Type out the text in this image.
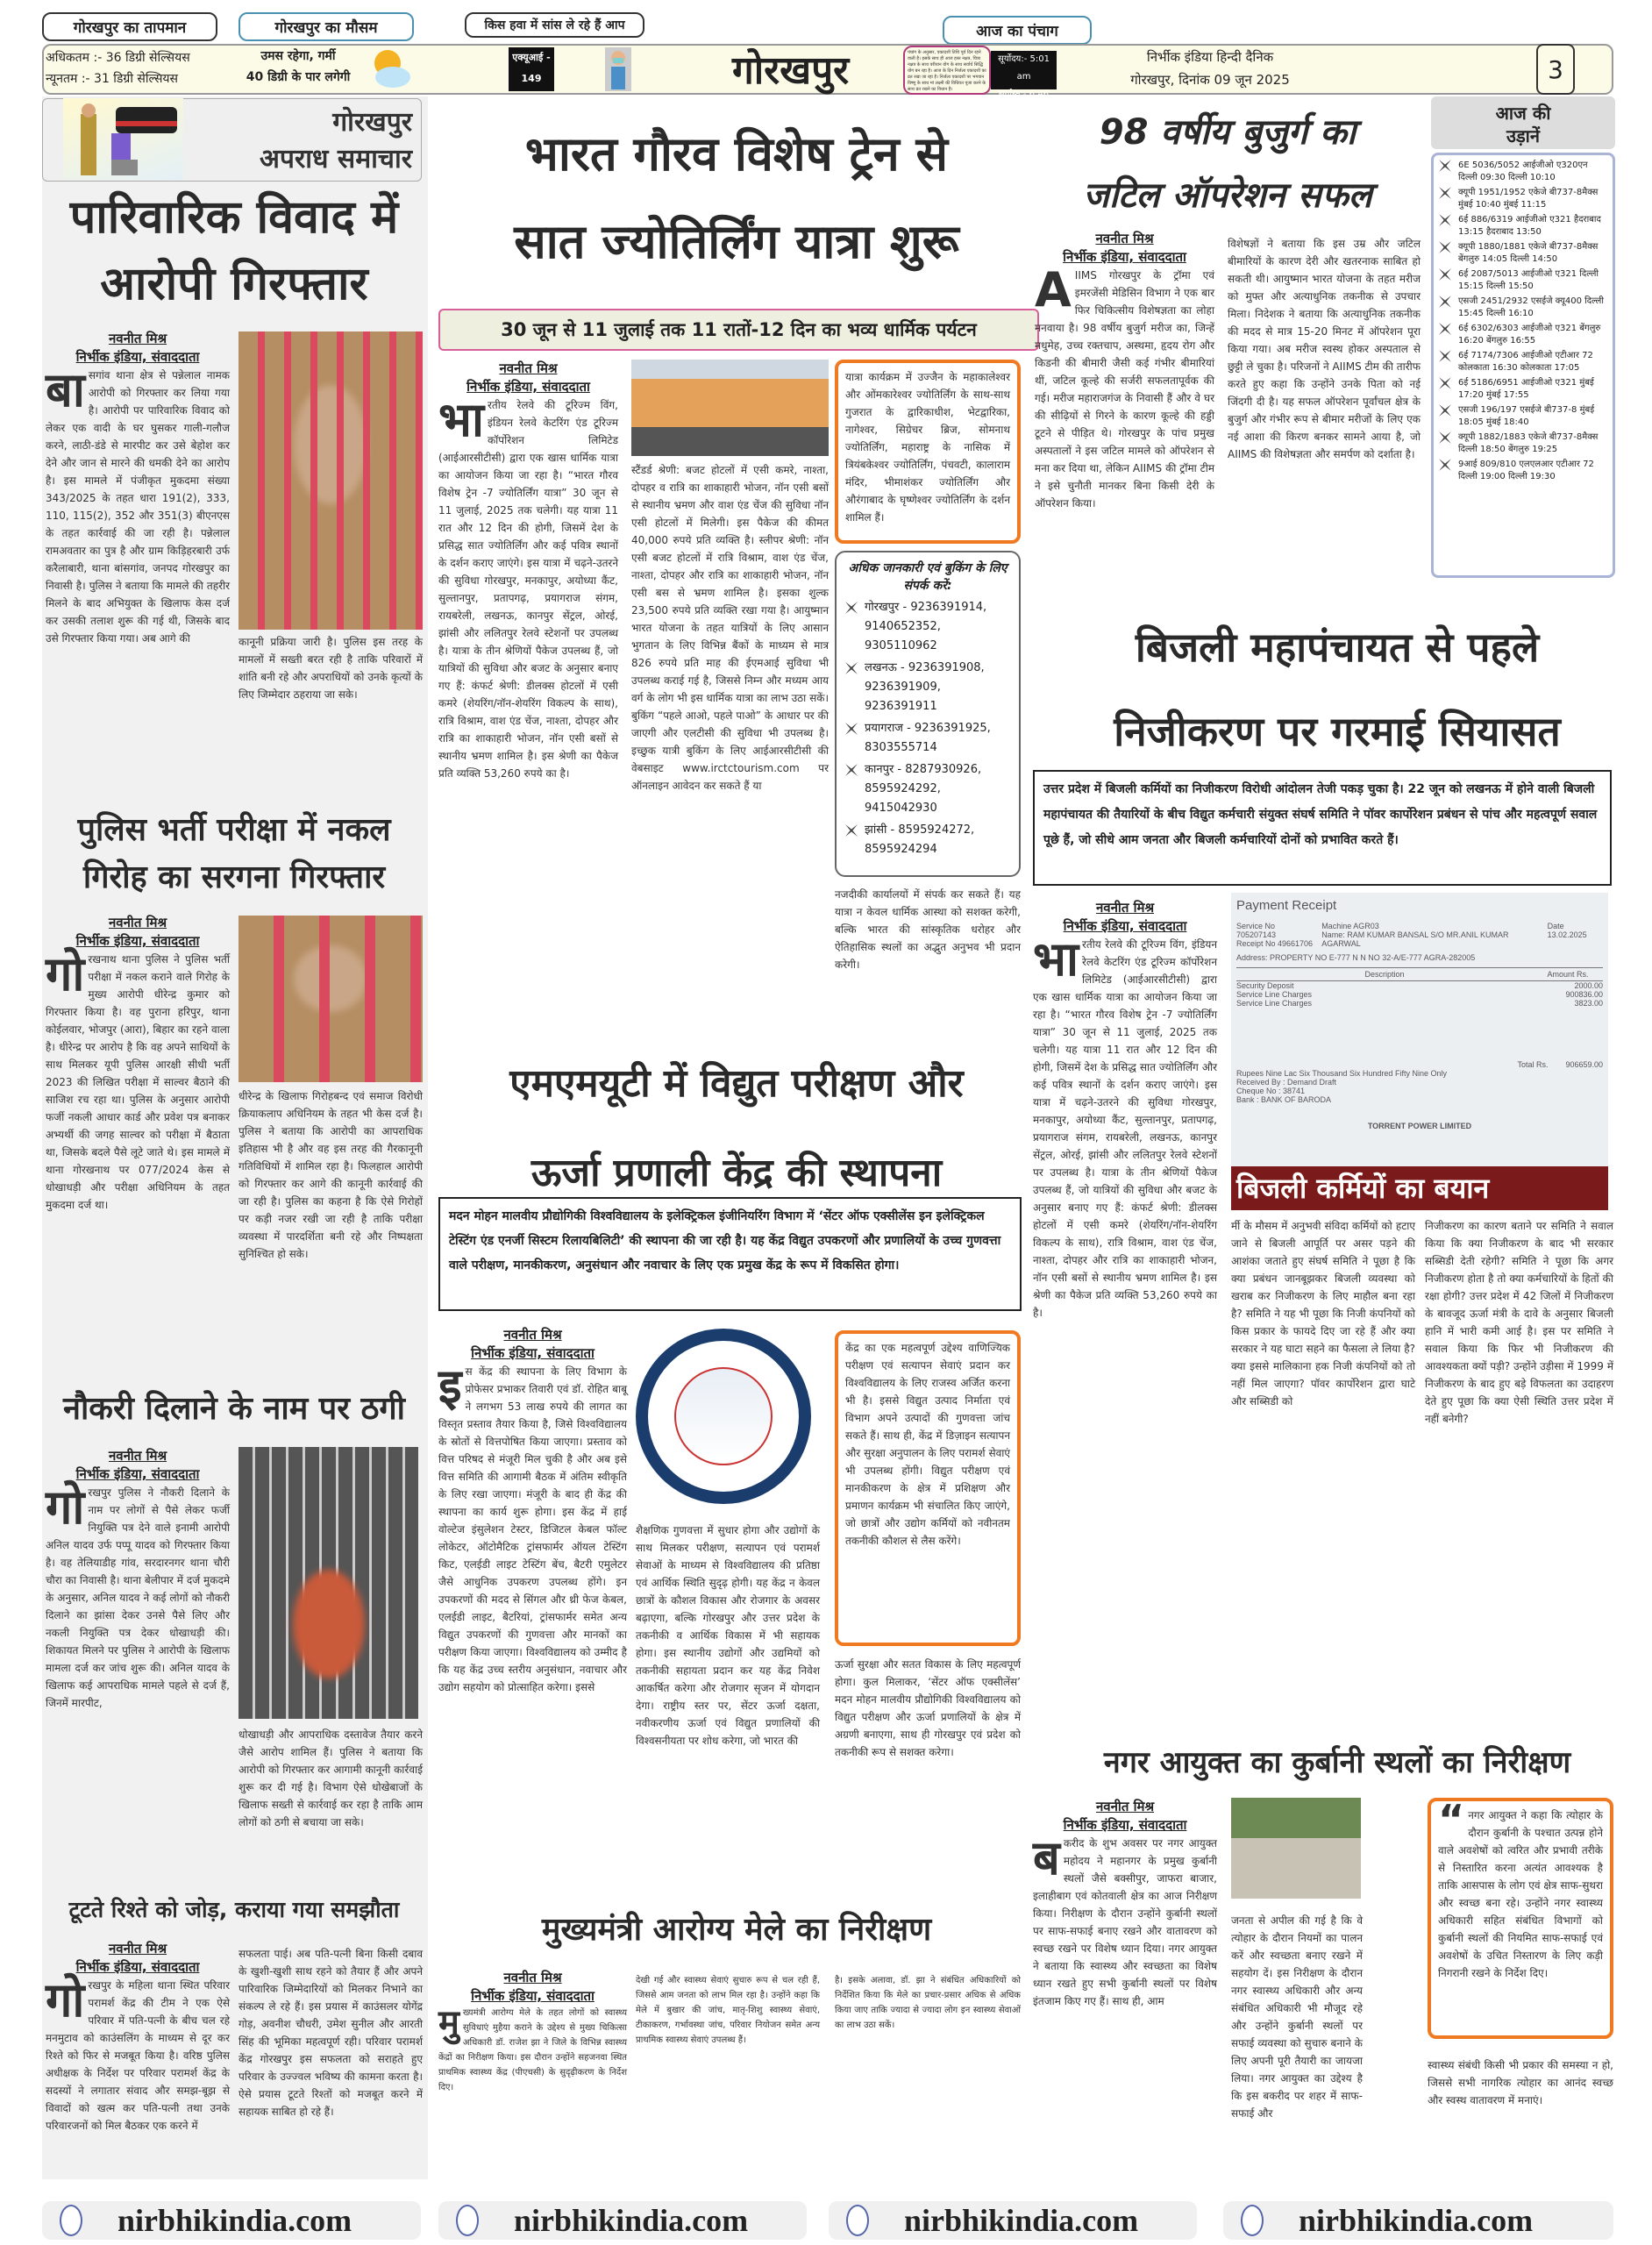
गोरखपुर का तापमान	गोरखपुर का मौसम	किस हवा में सांस ले रहे हैं आप	आज का पंचाग
अधिकतम :- 36 डिग्री सेल्सियस
न्यूनतम :- 31 डिग्री सेल्सियस
उमस रहेगा, गर्मी
40 डिग्री के पार लगेगी
एक्यूआई - 149
(खराब)
गोरखपुर	पंचांग के अनुसार, एकादशी तिथि पूर्व दिन रहने वाली है। इसके साथ ही आज हस्त नक्षत्र, चित्रा नक्षत्र के साथ वरीयान योग के साथ सर्वार्थ सिद्धि योग बन रहा है। आज के दिन निर्जला एकादशी का व्रत रखा जा रहा है। निर्जला एकादशी पर भगवान विष्णु के साथ मां लक्ष्मी की विधिवत पूजा करने के साथ व्रत रखने का विधान है।
सूर्योदय:- 5:01 am
सूर्यास्त:- 6:46 pm
निर्भीक इंडिया हिन्दी दैनिक
गोरखपुर, दिनांक 09 जून 2025	3
गोरखपुर
अपराध समाचार
पारिवारिक विवाद में आरोपी गिरफ्तार
नवनीत मिश्र
निर्भीक इंडिया, संवाददाता
बासगांव थाना क्षेत्र से पन्नेलाल नामक आरोपी को गिरफ्तार कर लिया गया है। आरोपी पर पारिवारिक विवाद को लेकर एक वादी के घर घुसकर गाली-गलौज करने, लाठी-डंडे से मारपीट कर उसे बेहोश कर देने और जान से मारने की धमकी देने का आरोप है। इस मामले में पंजीकृत मुकदमा संख्या 343/2025 के तहत धारा 191(2), 333, 110, 115(2), 352 और 351(3) बीएनएस के तहत कार्रवाई की जा रही है। पन्नेलाल रामअवतार का पुत्र है और ग्राम किड़िहरबारी उर्फ करैलाबारी, थाना बांसगांव, जनपद गोरखपुर का निवासी है। पुलिस ने बताया कि मामले की तहरीर मिलने के बाद अभियुक्त के खिलाफ केस दर्ज कर उसकी तलाश शुरू की गई थी, जिसके बाद उसे गिरफ्तार किया गया। अब आगे की	कानूनी प्रक्रिया जारी है। पुलिस इस तरह के मामलों में सख्ती बरत रही है ताकि परिवारों में शांति बनी रहे और अपराधियों को उनके कृत्यों के लिए जिम्मेदार ठहराया जा सके।
पुलिस भर्ती परीक्षा में नकल गिरोह का सरगना गिरफ्तार
नवनीत मिश्र
निर्भीक इंडिया, संवाददाता
गोरखनाथ थाना पुलिस ने पुलिस भर्ती परीक्षा में नकल कराने वाले गिरोह के मुख्य आरोपी धीरेन्द्र कुमार को गिरफ्तार किया है। वह पुराना हरिपुर, थाना कोईलवार, भोजपुर (आरा), बिहार का रहने वाला है। धीरेन्द्र पर आरोप है कि वह अपने साथियों के साथ मिलकर यूपी पुलिस आरक्षी सीधी भर्ती 2023 की लिखित परीक्षा में साल्वर बैठाने की साजिश रच रहा था। पुलिस के अनुसार आरोपी फर्जी नकली आधार कार्ड और प्रवेश पत्र बनाकर अभ्यर्थी की जगह साल्वर को परीक्षा में बैठाता था, जिसके बदले पैसे लूटे जाते थे। इस मामले में थाना गोरखनाथ पर 077/2024 केस से धोखाधड़ी और परीक्षा अधिनियम के तहत मुकदमा दर्ज था।
धीरेन्द्र के खिलाफ गिरोहबन्द एवं समाज विरोधी क्रियाकलाप अधिनियम के तहत भी केस दर्ज है। पुलिस ने बताया कि आरोपी का आपराधिक इतिहास भी है और वह इस तरह की गैरकानूनी गतिविधियों में शामिल रहा है। फिलहाल आरोपी को गिरफ्तार कर आगे की कानूनी कार्रवाई की जा रही है। पुलिस का कहना है कि ऐसे गिरोहों पर कड़ी नजर रखी जा रही है ताकि परीक्षा व्यवस्था में पारदर्शिता बनी रहे और निष्पक्षता सुनिश्चित हो सके।
नौकरी दिलाने के नाम पर ठगी
नवनीत मिश्र
निर्भीक इंडिया, संवाददाता
गोरखपुर पुलिस ने नौकरी दिलाने के नाम पर लोगों से पैसे लेकर फर्जी नियुक्ति पत्र देने वाले इनामी आरोपी अनिल यादव उर्फ पप्पू यादव को गिरफ्तार किया है। वह तेलियाडीह गांव, सरदारनगर थाना चौरी चौरा का निवासी है। थाना बेलीपार में दर्ज मुकदमे के अनुसार, अनिल यादव ने कई लोगों को नौकरी दिलाने का झांसा देकर उनसे पैसे लिए और नकली नियुक्ति पत्र देकर धोखाधड़ी की। शिकायत मिलने पर पुलिस ने आरोपी के खिलाफ मामला दर्ज कर जांच शुरू की। अनिल यादव के खिलाफ कई आपराधिक मामले पहले से दर्ज हैं, जिनमें मारपीट,
धोखाधड़ी और आपराधिक दस्तावेज तैयार करने जैसे आरोप शामिल हैं। पुलिस ने बताया कि आरोपी को गिरफ्तार कर आगामी कानूनी कार्रवाई शुरू कर दी गई है। विभाग ऐसे धोखेबाजों के खिलाफ सख्ती से कार्रवाई कर रहा है ताकि आम लोगों को ठगी से बचाया जा सके।
टूटते रिश्ते को जोड़, कराया गया समझौता
नवनीत मिश्र
निर्भीक इंडिया, संवाददाता
गोरखपुर के महिला थाना स्थित परिवार परामर्श केंद्र की टीम ने एक ऐसे परिवार में पति-पत्नी के बीच चल रहे मनमुटाव को काउंसलिंग के माध्यम से दूर कर रिश्ते को फिर से मजबूत किया है। वरिष्ठ पुलिस अधीक्षक के निर्देश पर परिवार परामर्श केंद्र के सदस्यों ने लगातार संवाद और समझ-बूझ से विवादों को खत्म कर पति-पत्नी तथा उनके परिवारजनों को मिल बैठकर एक करने में
सफलता पाई। अब पति-पत्नी बिना किसी दबाव के खुशी-खुशी साथ रहने को तैयार हैं और अपने पारिवारिक जिम्मेदारियों को मिलकर निभाने का संकल्प ले रहे हैं। इस प्रयास में काउंसलर योगेंद्र गोड़, अवनीश चौधरी, उमेश सुनील और आरती सिंह की भूमिका महत्वपूर्ण रही। परिवार परामर्श केंद्र गोरखपुर इस सफलता को सराहते हुए परिवार के उज्ज्वल भविष्य की कामना करता है। ऐसे प्रयास टूटते रिश्तों को मजबूत करने में सहायक साबित हो रहे हैं।
भारत गौरव विशेष ट्रेन से
सात ज्योतिर्लिंग यात्रा शुरू
30 जून से 11 जुलाई तक 11 रातों-12 दिन का भव्य धार्मिक पर्यटन
नवनीत मिश्र
निर्भीक इंडिया, संवाददाता
भारतीय रेलवे की टूरिज्म विंग, इंडियन रेलवे केटरिंग एंड टूरिज्म कॉर्पोरेशन लिमिटेड (आईआरसीटीसी) द्वारा एक खास धार्मिक यात्रा का आयोजन किया जा रहा है। “भारत गौरव विशेष ट्रेन -7 ज्योतिर्लिंग यात्रा” 30 जून से 11 जुलाई, 2025 तक चलेगी। यह यात्रा 11 रात और 12 दिन की होगी, जिसमें देश के प्रसिद्ध सात ज्योतिर्लिंग और कई पवित्र स्थानों के दर्शन कराए जाएंगे। इस यात्रा में चढ़ने-उतरने की सुविधा गोरखपुर, मनकापुर, अयोध्या कैंट, सुल्तानपुर, प्रतापगढ़, प्रयागराज संगम, रायबरेली, लखनऊ, कानपुर सेंट्रल, ओरई, झांसी और ललितपुर रेलवे स्टेशनों पर उपलब्ध है। यात्रा के तीन श्रेणियों पैकेज उपलब्ध हैं, जो यात्रियों की सुविधा और बजट के अनुसार बनाए गए हैं: कंफर्ट श्रेणी: डीलक्स होटलों में एसी कमरे (शेयरिंग/नॉन-शेयरिंग विकल्प के साथ), रात्रि विश्राम, वाश एंड चेंज, नाश्ता, दोपहर और रात्रि का शाकाहारी भोजन, नॉन एसी बसों से स्थानीय भ्रमण शामिल है। इस श्रेणी का पैकेज प्रति व्यक्ति 53,260 रुपये का है।
स्टैंडर्ड श्रेणी: बजट होटलों में एसी कमरे, नाश्ता, दोपहर व रात्रि का शाकाहारी भोजन, नॉन एसी बसों से स्थानीय भ्रमण और वाश एंड चेंज की सुविधा नॉन एसी होटलों में मिलेगी। इस पैकेज की कीमत 40,000 रुपये प्रति व्यक्ति है। स्लीपर श्रेणी: नॉन एसी बजट होटलों में रात्रि विश्राम, वाश एंड चेंज, नाश्ता, दोपहर और रात्रि का शाकाहारी भोजन, नॉन एसी बस से भ्रमण शामिल है। इसका शुल्क 23,500 रुपये प्रति व्यक्ति रखा गया है। आयुष्मान भारत योजना के तहत यात्रियों के लिए आसान भुगतान के लिए विभिन्न बैंकों के माध्यम से मात्र 826 रुपये प्रति माह की ईएमआई सुविधा भी उपलब्ध कराई गई है, जिससे निम्न और मध्यम आय वर्ग के लोग भी इस धार्मिक यात्रा का लाभ उठा सकें। बुकिंग “पहले आओ, पहले पाओ” के आधार पर की जाएगी और एलटीसी की सुविधा भी उपलब्ध है। इच्छुक यात्री बुकिंग के लिए आईआरसीटीसी की वेबसाइट www.irctctourism.com पर ऑनलाइन आवेदन कर सकते हैं या
यात्रा कार्यक्रम में उज्जैन के महाकालेश्वर और ओंमकारेश्वर ज्योतिर्लिंग के साथ-साथ गुजरात के द्वारिकाधीश, भेटद्वारिका, नागेश्वर, सिग्रेचर ब्रिज, सोमनाथ ज्योतिर्लिंग, महाराष्ट्र के नासिक में त्रियंबकेश्वर ज्योतिर्लिंग, पंचवटी, कालाराम मंदिर, भीमाशंकर ज्योतिर्लिंग और औरंगाबाद के घृष्णेश्वर ज्योतिर्लिंग के दर्शन शामिल हैं।
अधिक जानकारी एवं बुकिंग के लिए संपर्क करें:
गोरखपुर - 9236391914, 9140652352, 9305110962
लखनऊ - 9236391908, 9236391909, 9236391911
प्रयागराज - 9236391925, 8303555714
कानपुर - 8287930926, 8595924292, 9415042930
झांसी - 8595924272, 8595924294
नजदीकी कार्यालयों में संपर्क कर सकते हैं। यह यात्रा न केवल धार्मिक आस्था को सशक्त करेगी, बल्कि भारत की सांस्कृतिक धरोहर और ऐतिहासिक स्थलों का अद्भुत अनुभव भी प्रदान करेगी।
एमएमयूटी में विद्युत परीक्षण और
ऊर्जा प्रणाली केंद्र की स्थापना
मदन मोहन मालवीय प्रौद्योगिकी विश्वविद्यालय के इलेक्ट्रिकल इंजीनियरिंग विभाग में ‘सेंटर ऑफ एक्सीलेंस इन इलेक्ट्रिकल टेस्टिंग एंड एनर्जी सिस्टम रिलायबिलिटी’ की स्थापना की जा रही है। यह केंद्र विद्युत उपकरणों और प्रणालियों के उच्च गुणवत्ता वाले परीक्षण, मानकीकरण, अनुसंधान और नवाचार के लिए एक प्रमुख केंद्र के रूप में विकसित होगा।
नवनीत मिश्र
निर्भीक इंडिया, संवाददाता
इस केंद्र की स्थापना के लिए विभाग के प्रोफेसर प्रभाकर तिवारी एवं डॉ. रोहित बाबू ने लगभग 53 लाख रुपये की लागत का विस्तृत प्रस्ताव तैयार किया है, जिसे विश्वविद्यालय के स्रोतों से वित्तपोषित किया जाएगा। प्रस्ताव को वित्त परिषद से मंजूरी मिल चुकी है और अब इसे वित्त समिति की आगामी बैठक में अंतिम स्वीकृति के लिए रखा जाएगा। मंजूरी के बाद ही केंद्र की स्थापना का कार्य शुरू होगा। इस केंद्र में हाई वोल्टेज इंसुलेशन टेस्टर, डिजिटल केबल फॉल्ट लोकेटर, ऑटोमैटिक ट्रांसफार्मर ऑयल टेस्टिंग किट, एलईडी लाइट टेस्टिंग बेंच, बैटरी एमुलेटर जैसे आधुनिक उपकरण उपलब्ध होंगे। इन उपकरणों की मदद से सिंगल और थ्री फेज केबल, एलईडी लाइट, बैटरियां, ट्रांसफार्मर समेत अन्य विद्युत उपकरणों की गुणवत्ता और मानकों का परीक्षण किया जाएगा। विश्वविद्यालय को उम्मीद है कि यह केंद्र उच्च स्तरीय अनुसंधान, नवाचार और उद्योग सहयोग को प्रोत्साहित करेगा। इससे
शैक्षणिक गुणवत्ता में सुधार होगा और उद्योगों के साथ मिलकर परीक्षण, सत्यापन एवं परामर्श सेवाओं के माध्यम से विश्वविद्यालय की प्रतिष्ठा एवं आर्थिक स्थिति सुदृढ़ होगी। यह केंद्र न केवल छात्रों के कौशल विकास और रोजगार के अवसर बढ़ाएगा, बल्कि गोरखपुर और उत्तर प्रदेश के तकनीकी व आर्थिक विकास में भी सहायक होगा। इस स्थानीय उद्योगों और उद्यमियों को तकनीकी सहायता प्रदान कर यह केंद्र निवेश आकर्षित करेगा और रोजगार सृजन में योगदान देगा। राष्ट्रीय स्तर पर, सेंटर ऊर्जा दक्षता, नवीकरणीय ऊर्जा एवं विद्युत प्रणालियों की विश्वसनीयता पर शोध करेगा, जो भारत की
केंद्र का एक महत्वपूर्ण उद्देश्य वाणिज्यिक परीक्षण एवं सत्यापन सेवाएं प्रदान कर विश्वविद्यालय के लिए राजस्व अर्जित करना भी है। इससे विद्युत उत्पाद निर्माता एवं विभाग अपने उत्पादों की गुणवत्ता जांच सकते हैं। साथ ही, केंद्र में डिज़ाइन सत्यापन और सुरक्षा अनुपालन के लिए परामर्श सेवाएं भी उपलब्ध होंगी। विद्युत परीक्षण एवं मानकीकरण के क्षेत्र में प्रशिक्षण और प्रमाणन कार्यक्रम भी संचालित किए जाएंगे, जो छात्रों और उद्योग कर्मियों को नवीनतम तकनीकी कौशल से लैस करेंगे।
ऊर्जा सुरक्षा और सतत विकास के लिए महत्वपूर्ण होगा। कुल मिलाकर, ‘सेंटर ऑफ एक्सीलेंस’ मदन मोहन मालवीय प्रौद्योगिकी विश्वविद्यालय को विद्युत परीक्षण और ऊर्जा प्रणालियों के क्षेत्र में अग्रणी बनाएगा, साथ ही गोरखपुर एवं प्रदेश को तकनीकी रूप से सशक्त करेगा।
मुख्यमंत्री आरोग्य मेले का निरीक्षण
नवनीत मिश्र
निर्भीक इंडिया, संवाददाता
मुख्यमंत्री आरोग्य मेले के तहत लोगों को स्वास्थ्य सुविधाएं मुहैया कराने के उद्देश्य से मुख्य चिकित्सा अधिकारी डॉ. राजेश झा ने जिले के विभिन्न स्वास्थ्य केंद्रों का निरीक्षण किया। इस दौरान उन्होंने सहजनवा स्थित प्राथमिक स्वास्थ्य केंद्र (पीएचसी) के सुदृढ़ीकरण के निर्देश दिए।
देखी गई और स्वास्थ्य सेवाएं सुचारु रूप से चल रही हैं, जिससे आम जनता को लाभ मिल रहा है। उन्होंने कहा कि मेले में बुखार की जांच, मातृ-शिशु स्वास्थ्य सेवाएं, टीकाकरण, गर्भावस्था जांच, परिवार नियोजन समेत अन्य प्राथमिक स्वास्थ्य सेवाएं उपलब्ध हैं।
है। इसके अलावा, डॉ. झा ने संबंधित अधिकारियों को निर्देशित किया कि मेले का प्रचार-प्रसार अधिक से अधिक किया जाए ताकि ज्यादा से ज्यादा लोग इन स्वास्थ्य सेवाओं का लाभ उठा सकें।
98 वर्षीय बुजुर्ग का
जटिल ऑपरेशन सफल
नवनीत मिश्र
निर्भीक इंडिया, संवाददाता
AIIMS गोरखपुर के ट्रॉमा एवं इमरजेंसी मेडिसिन विभाग ने एक बार फिर चिकित्सीय विशेषज्ञता का लोहा मनवाया है। 98 वर्षीय बुजुर्ग मरीज का, जिन्हें मधुमेह, उच्च रक्तचाप, अस्थमा, हृदय रोग और किडनी की बीमारी जैसी कई गंभीर बीमारियां थीं, जटिल कूल्हे की सर्जरी सफलतापूर्वक की गई। मरीज महाराजगंज के निवासी हैं और वे घर की सीढ़ियों से गिरने के कारण कूल्हे की हड्डी टूटने से पीड़ित थे। गोरखपुर के पांच प्रमुख अस्पतालों ने इस जटिल मामले को ऑपरेशन से मना कर दिया था, लेकिन AIIMS की ट्रॉमा टीम ने इसे चुनौती मानकर बिना किसी देरी के ऑपरेशन किया।
विशेषज्ञों ने बताया कि इस उम्र और जटिल बीमारियों के कारण देरी और खतरनाक साबित हो सकती थी। आयुष्मान भारत योजना के तहत मरीज को मुफ्त और अत्याधुनिक तकनीक से उपचार मिला। निदेशक ने बताया कि अत्याधुनिक तकनीक की मदद से मात्र 15-20 मिनट में ऑपरेशन पूरा किया गया। अब मरीज स्वस्थ होकर अस्पताल से छुट्टी ले चुका है। परिजनों ने AIIMS टीम की तारीफ करते हुए कहा कि उन्होंने उनके पिता को नई जिंदगी दी है। यह सफल ऑपरेशन पूर्वांचल क्षेत्र के बुजुर्ग और गंभीर रूप से बीमार मरीजों के लिए एक नई आशा की किरण बनकर सामने आया है, जो AIIMS की विशेषज्ञता और समर्पण को दर्शाता है।
आज की
उड़ानें
6E 5036/5052 आईजीओ ए320एन दिल्ली 09:30 दिल्ली 10:10
क्यूपी 1951/1952 एकेजे बी737-8मैक्स मुंबई 10:40 मुंबई 11:15
6ई 886/6319 आईजीओ ए321 हैदराबाद 13:15 हैदराबाद 13:50
क्यूपी 1880/1881 एकेजे बी737-8मैक्स बेंगलुरु 14:05 दिल्ली 14:50
6ई 2087/5013 आईजीओ ए321 दिल्ली 15:15 दिल्ली 15:50
एसजी 2451/2932 एसईजे क्यू400 दिल्ली 15:45 दिल्ली 16:10
6ई 6302/6303 आईजीओ ए321 बेंगलुरु 16:20 बेंगलुरु 16:55
6ई 7174/7306 आईजीओ एटीआर 72 कोलकाता 16:30 कोलकाता 17:05
6ई 5186/6951 आईजीओ ए321 मुंबई 17:20 मुंबई 17:55
एसजी 196/197 एसईजे बी737-8 मुंबई 18:05 मुंबई 18:40
क्यूपी 1882/1883 एकेजे बी737-8मैक्स दिल्ली 18:50 बेंगलुरु 19:25
9आई 809/810 एलएलआर एटीआर 72 दिल्ली 19:00 दिल्ली 19:30
बिजली महापंचायत से पहले
निजीकरण पर गरमाई सियासत
उत्तर प्रदेश में बिजली कर्मियों का निजीकरण विरोधी आंदोलन तेजी पकड़ चुका है। 22 जून को लखनऊ में होने वाली बिजली महापंचायत की तैयारियों के बीच विद्युत कर्मचारी संयुक्त संघर्ष समिति ने पॉवर कार्पोरेशन प्रबंधन से पांच और महत्वपूर्ण सवाल पूछे हैं, जो सीधे आम जनता और बिजली कर्मचारियों दोनों को प्रभावित करते हैं।
नवनीत मिश्र
निर्भीक इंडिया, संवाददाता
भारतीय रेलवे की टूरिज्म विंग, इंडियन रेलवे केटरिंग एंड टूरिज्म कॉर्पोरेशन लिमिटेड (आईआरसीटीसी) द्वारा एक खास धार्मिक यात्रा का आयोजन किया जा रहा है। “भारत गौरव विशेष ट्रेन -7 ज्योतिर्लिंग यात्रा” 30 जून से 11 जुलाई, 2025 तक चलेगी। यह यात्रा 11 रात और 12 दिन की होगी, जिसमें देश के प्रसिद्ध सात ज्योतिर्लिंग और कई पवित्र स्थानों के दर्शन कराए जाएंगे। इस यात्रा में चढ़ने-उतरने की सुविधा गोरखपुर, मनकापुर, अयोध्या कैंट, सुल्तानपुर, प्रतापगढ़, प्रयागराज संगम, रायबरेली, लखनऊ, कानपुर सेंट्रल, ओरई, झांसी और ललितपुर रेलवे स्टेशनों पर उपलब्ध है। यात्रा के तीन श्रेणियों पैकेज उपलब्ध हैं, जो यात्रियों की सुविधा और बजट के अनुसार बनाए गए हैं: कंफर्ट श्रेणी: डीलक्स होटलों में एसी कमरे (शेयरिंग/नॉन-शेयरिंग विकल्प के साथ), रात्रि विश्राम, वाश एंड चेंज, नाश्ता, दोपहर और रात्रि का शाकाहारी भोजन, नॉन एसी बसों से स्थानीय भ्रमण शामिल है। इस श्रेणी का पैकेज प्रति व्यक्ति 53,260 रुपये का है।
Payment Receipt
Service No 705207143
Receipt No 49661706
Machine AGR03
Name: RAM KUMAR BANSAL S/O MR.ANIL KUMAR AGARWAL
Date 13.02.2025
Address: PROPERTY NO E-777 N N NO 32-A/E-777 AGRA-282005
Description	Amount Rs.
Security Deposit	2000.00
Service Line Charges	900836.00
Service Line Charges	3823.00
Total Rs. 906659.00
Rupees Nine Lac Six Thousand Six Hundred Fifty Nine Only
Received By : Demand Draft
Cheque No : 38741
Bank : BANK OF BARODA
TORRENT POWER LIMITED
बिजली कर्मियों का बयान
र्मी के मौसम में अनुभवी संविदा कर्मियों को हटाए जाने से बिजली आपूर्ति पर असर पड़ने की आशंका जताते हुए संघर्ष समिति ने पूछा है कि क्या प्रबंधन जानबूझकर बिजली व्यवस्था को खराब कर निजीकरण के लिए माहौल बना रहा है? समिति ने यह भी पूछा कि निजी कंपनियों को किस प्रकार के फायदे दिए जा रहे हैं और क्या सरकार ने यह घाटा सहने का फैसला ले लिया है? क्या इससे मालिकाना हक निजी कंपनियों को तो नहीं मिल जाएगा? पॉवर कार्पोरेशन द्वारा घाटे और सब्सिडी को
निजीकरण का कारण बताने पर समिति ने सवाल किया कि क्या निजीकरण के बाद भी सरकार सब्सिडी देती रहेगी? समिति ने पूछा कि अगर निजीकरण होता है तो क्या कर्मचारियों के हितों की रक्षा होगी? उत्तर प्रदेश में 42 जिलों में निजीकरण के बावजूद ऊर्जा मंत्री के दावे के अनुसार बिजली हानि में भारी कमी आई है। इस पर समिति ने सवाल किया कि फिर भी निजीकरण की आवश्यकता क्यों पड़ी? उन्होंने उड़ीसा में 1999 में निजीकरण के बाद हुए बड़े विफलता का उदाहरण देते हुए पूछा कि क्या ऐसी स्थिति उत्तर प्रदेश में नहीं बनेगी?
नगर आयुक्त का कुर्बानी स्थलों का निरीक्षण
नवनीत मिश्र
निर्भीक इंडिया, संवाददाता
बकरीद के शुभ अवसर पर नगर आयुक्त महोदय ने महानगर के प्रमुख कुर्बानी स्थलों जैसे बक्सीपुर, जाफरा बाजार, इलाहीबाग एवं कोतवाली क्षेत्र का आज निरीक्षण किया। निरीक्षण के दौरान उन्होंने कुर्बानी स्थलों पर साफ-सफाई बनाए रखने और वातावरण को स्वच्छ रखने पर विशेष ध्यान दिया। नगर आयुक्त ने बताया कि स्वास्थ्य और स्वच्छता का विशेष ध्यान रखते हुए सभी कुर्बानी स्थलों पर विशेष इंतजाम किए गए हैं। साथ ही, आम
जनता से अपील की गई है कि वे त्योहार के दौरान नियमों का पालन करें और स्वच्छता बनाए रखने में सहयोग दें। इस निरीक्षण के दौरान नगर स्वास्थ्य अधिकारी और अन्य संबंधित अधिकारी भी मौजूद रहे और उन्होंने कुर्बानी स्थलों पर सफाई व्यवस्था को सुचारु बनाने के लिए अपनी पूरी तैयारी का जायजा लिया। नगर आयुक्त का उद्देश्य है कि इस बकरीद पर शहर में साफ-सफाई और
“ नगर आयुक्त ने कहा कि त्योहार के दौरान कुर्बानी के पश्चात उत्पन्न होने वाले अवशेषों को त्वरित और प्रभावी तरीके से निस्तारित करना अत्यंत आवश्यक है ताकि आसपास के लोग एवं क्षेत्र साफ-सुथरा और स्वच्छ बना रहे। उन्होंने नगर स्वास्थ्य अधिकारी सहित संबंधित विभागों को कुर्बानी स्थलों की नियमित साफ-सफाई एवं अवशेषों के उचित निस्तारण के लिए कड़ी निगरानी रखने के निर्देश दिए।
स्वास्थ्य संबंधी किसी भी प्रकार की समस्या न हो, जिससे सभी नागरिक त्योहार का आनंद स्वच्छ और स्वस्थ वातावरण में मनाएं।
nirbhikindia.com	nirbhikindia.com	nirbhikindia.com	nirbhikindia.com
